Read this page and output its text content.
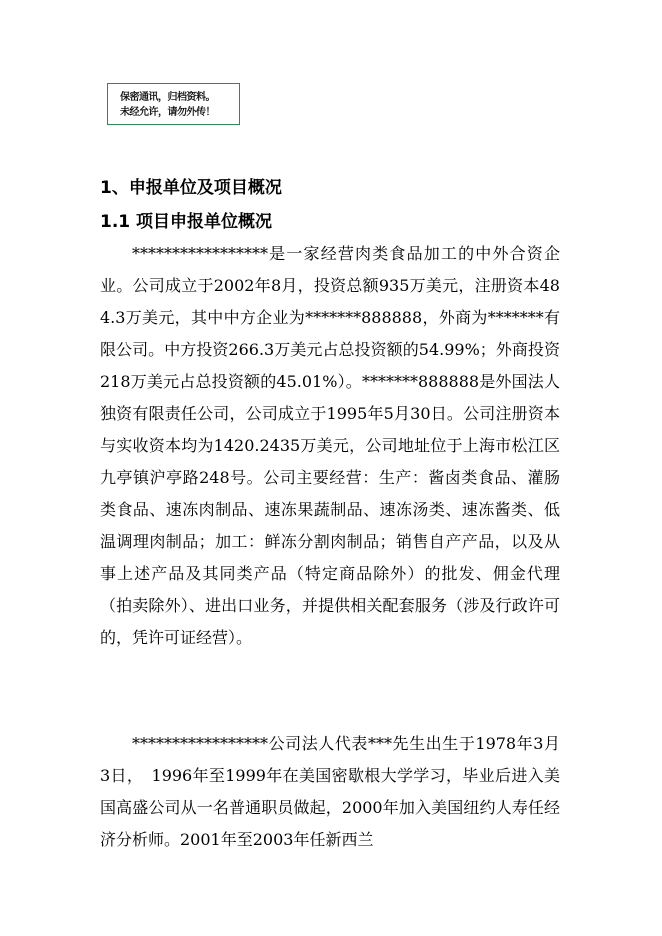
保密通讯，归档资料。
未经允许，请勿外传！
1、申报单位及项目概况
1.1 项目申报单位概况
*****************是一家经营肉类食品加工的中外合资企业。公司成立于2002年8月，投资总额935万美元，注册资本484.3万美元，其中中方企业为*******888888，外商为*******有限公司。中方投资266.3万美元占总投资额的54.99%；外商投资218万美元占总投资额的45.01%）。*******888888是外国法人独资有限责任公司，公司成立于1995年5月30日。公司注册资本与实收资本均为1420.2435万美元，公司地址位于上海市松江区九亭镇沪亭路248号。公司主要经营：生产：酱卤类食品、灌肠类食品、速冻肉制品、速冻果蔬制品、速冻汤类、速冻酱类、低温调理肉制品；加工：鲜冻分割肉制品；销售自产产品，以及从事上述产品及其同类产品（特定商品除外）的批发、佣金代理（拍卖除外）、进出口业务，并提供相关配套服务（涉及行政许可的，凭许可证经营）。
*****************公司法人代表***先生出生于1978年3月3日，　1996年至1999年在美国密歇根大学学习，毕业后进入美国高盛公司从一名普通职员做起，2000年加入美国纽约人寿任经济分析师。2001年至2003年任新西兰
